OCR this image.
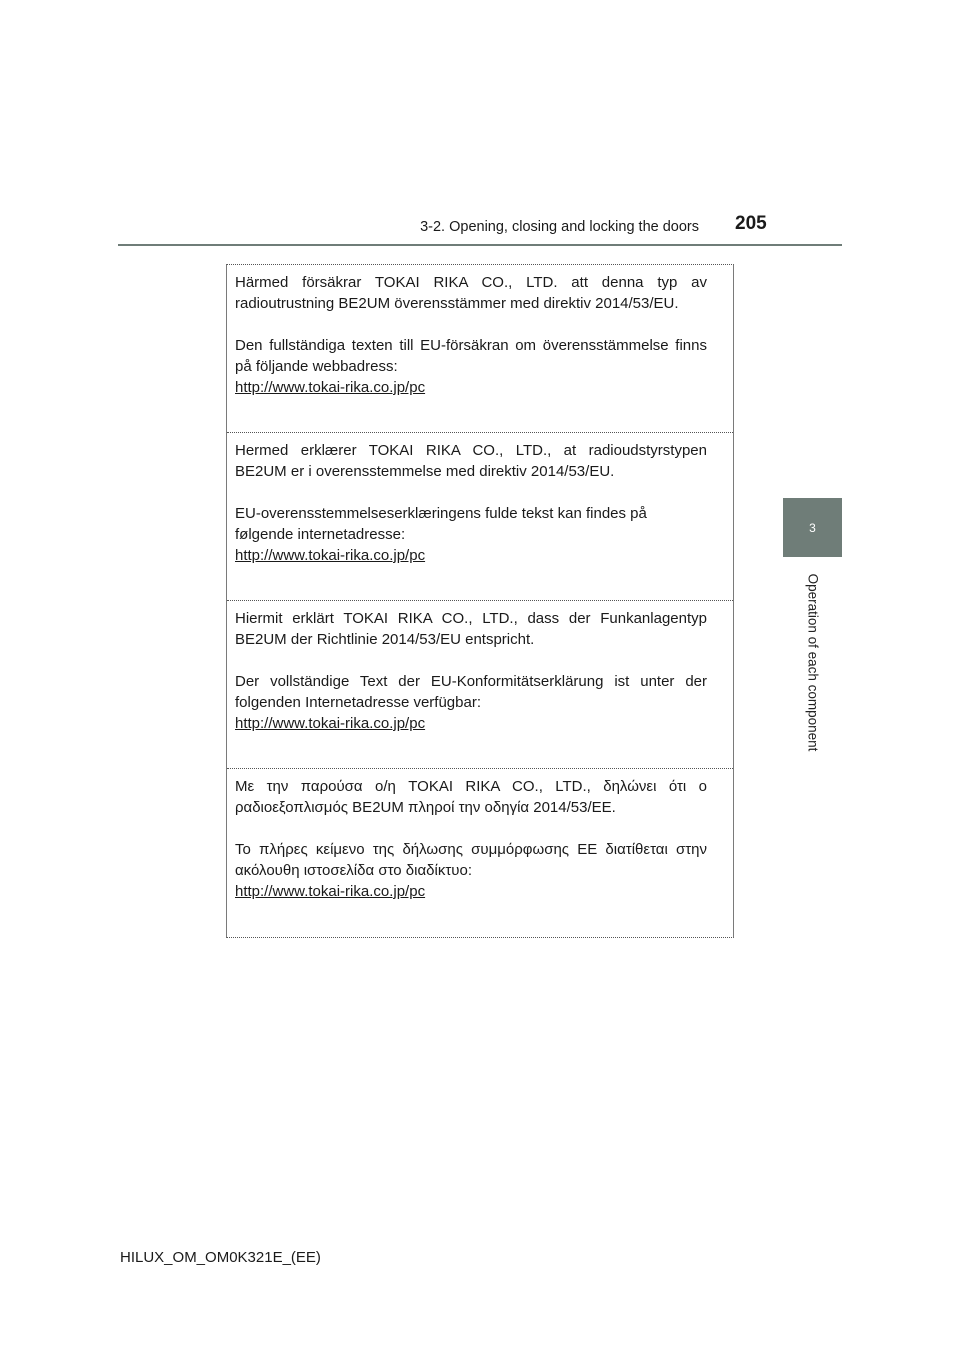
3-2. Opening, closing and locking the doors 205
3
Operation of each component

Härmed försäkrar TOKAI RIKA CO., LTD. att denna typ av
radioutrustning BE2UM överensstämmer med direktiv 2014/53/EU.

Den fullständiga texten till EU-försäkran om överensstämmelse finns
på följande webbadress:
http://www.tokai-rika.co.jp/pc

Hermed erklærer TOKAI RIKA CO., LTD., at radioudstyrstypen
BE2UM er i overensstemmelse med direktiv 2014/53/EU.

EU-overensstemmelseserklæringens fulde tekst kan findes på
følgende internetadresse:
http://www.tokai-rika.co.jp/pc

Hiermit erklärt TOKAI RIKA CO., LTD., dass der Funkanlagentyp
BE2UM der Richtlinie 2014/53/EU entspricht.

Der vollständige Text der EU-Konformitätserklärung ist unter der
folgenden Internetadresse verfügbar:
http://www.tokai-rika.co.jp/pc

Με την παρούσα ο/η TOKAI RIKA CO., LTD., δηλώνει ότι ο
ραδιοεξοπλισμός BE2UM πληροί την οδηγία 2014/53/ΕΕ.

Το πλήρες κείμενο της δήλωσης συμμόρφωσης ΕΕ διατίθεται στην
ακόλουθη ιστοσελίδα στο διαδίκτυο:
http://www.tokai-rika.co.jp/pc

HILUX_OM_OM0K321E_(EE)
